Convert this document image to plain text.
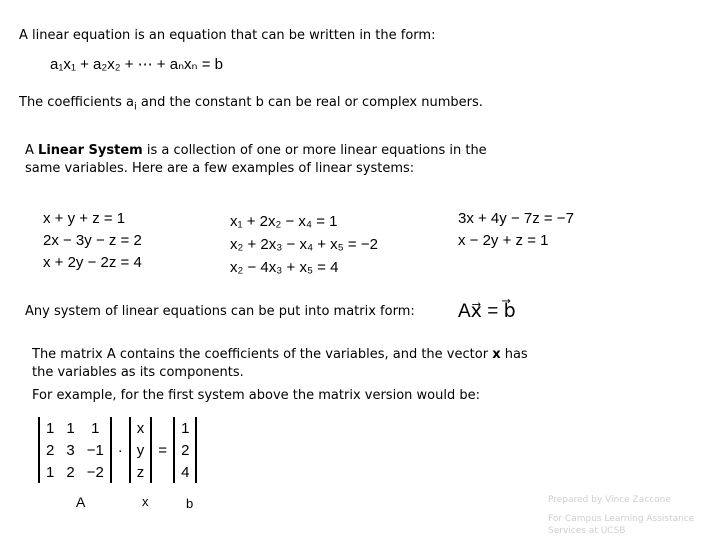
A linear equation is an equation that can be written in the form:
a₁x₁ + a₂x₂ + ⋯ + aₙxₙ = b
The coefficients $a_i$ and the constant b can be real or complex numbers.
A Linear System is a collection of one or more linear equations in the
same variables. Here are a few examples of linear systems:
x + y + z = 1
2x − 3y − z = 2
x + 2y − 2z = 4
x₁ + 2x₂ − x₄ = 1
x₂ + 2x₃ − x₄ + x₅ = −2
x₂ − 4x₃ + x₅ = 4
3x + 4y − 7z = −7
x − 2y + z = 1
Any system of linear equations can be put into matrix form: Ax⃗ = b⃗
The matrix A contains the coefficients of the variables, and the vector x has
the variables as its components.
For example, for the first system above the matrix version would be:
1	1	1
2	3	−1
1	2	−2
·
x
y
z
=
1
2
4
A	x	b	Prepared by Vince Zaccone
For Campus Learning Assistance
Services at UCSB
